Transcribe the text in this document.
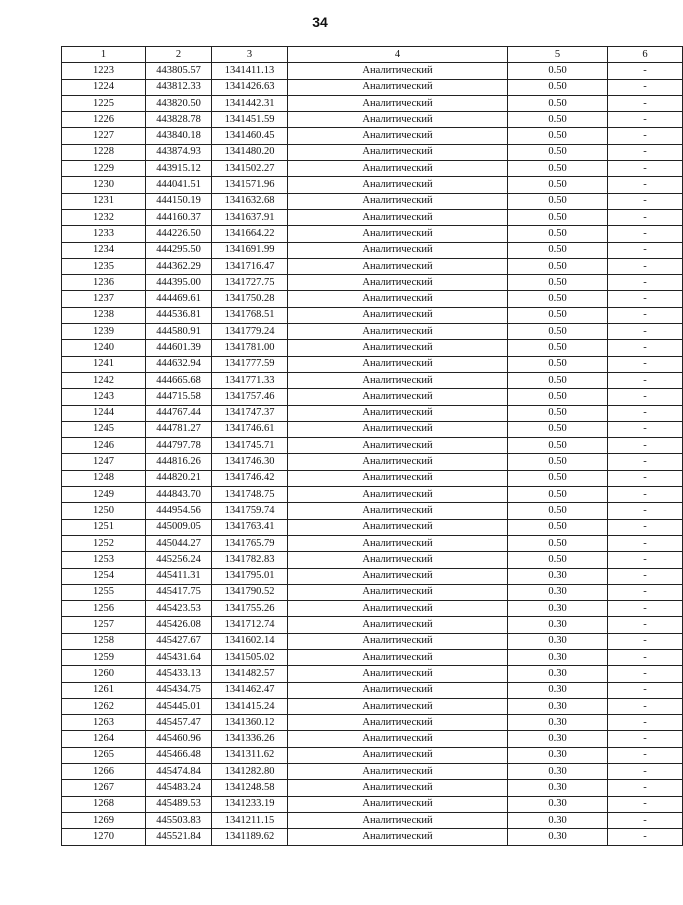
34
1	2	3	4	5	6
1223	443805.57	1341411.13	Аналитический	0.50	-
1224	443812.33	1341426.63	Аналитический	0.50	-
1225	443820.50	1341442.31	Аналитический	0.50	-
1226	443828.78	1341451.59	Аналитический	0.50	-
1227	443840.18	1341460.45	Аналитический	0.50	-
1228	443874.93	1341480.20	Аналитический	0.50	-
1229	443915.12	1341502.27	Аналитический	0.50	-
1230	444041.51	1341571.96	Аналитический	0.50	-
1231	444150.19	1341632.68	Аналитический	0.50	-
1232	444160.37	1341637.91	Аналитический	0.50	-
1233	444226.50	1341664.22	Аналитический	0.50	-
1234	444295.50	1341691.99	Аналитический	0.50	-
1235	444362.29	1341716.47	Аналитический	0.50	-
1236	444395.00	1341727.75	Аналитический	0.50	-
1237	444469.61	1341750.28	Аналитический	0.50	-
1238	444536.81	1341768.51	Аналитический	0.50	-
1239	444580.91	1341779.24	Аналитический	0.50	-
1240	444601.39	1341781.00	Аналитический	0.50	-
1241	444632.94	1341777.59	Аналитический	0.50	-
1242	444665.68	1341771.33	Аналитический	0.50	-
1243	444715.58	1341757.46	Аналитический	0.50	-
1244	444767.44	1341747.37	Аналитический	0.50	-
1245	444781.27	1341746.61	Аналитический	0.50	-
1246	444797.78	1341745.71	Аналитический	0.50	-
1247	444816.26	1341746.30	Аналитический	0.50	-
1248	444820.21	1341746.42	Аналитический	0.50	-
1249	444843.70	1341748.75	Аналитический	0.50	-
1250	444954.56	1341759.74	Аналитический	0.50	-
1251	445009.05	1341763.41	Аналитический	0.50	-
1252	445044.27	1341765.79	Аналитический	0.50	-
1253	445256.24	1341782.83	Аналитический	0.50	-
1254	445411.31	1341795.01	Аналитический	0.30	-
1255	445417.75	1341790.52	Аналитический	0.30	-
1256	445423.53	1341755.26	Аналитический	0.30	-
1257	445426.08	1341712.74	Аналитический	0.30	-
1258	445427.67	1341602.14	Аналитический	0.30	-
1259	445431.64	1341505.02	Аналитический	0.30	-
1260	445433.13	1341482.57	Аналитический	0.30	-
1261	445434.75	1341462.47	Аналитический	0.30	-
1262	445445.01	1341415.24	Аналитический	0.30	-
1263	445457.47	1341360.12	Аналитический	0.30	-
1264	445460.96	1341336.26	Аналитический	0.30	-
1265	445466.48	1341311.62	Аналитический	0.30	-
1266	445474.84	1341282.80	Аналитический	0.30	-
1267	445483.24	1341248.58	Аналитический	0.30	-
1268	445489.53	1341233.19	Аналитический	0.30	-
1269	445503.83	1341211.15	Аналитический	0.30	-
1270	445521.84	1341189.62	Аналитический	0.30	-
